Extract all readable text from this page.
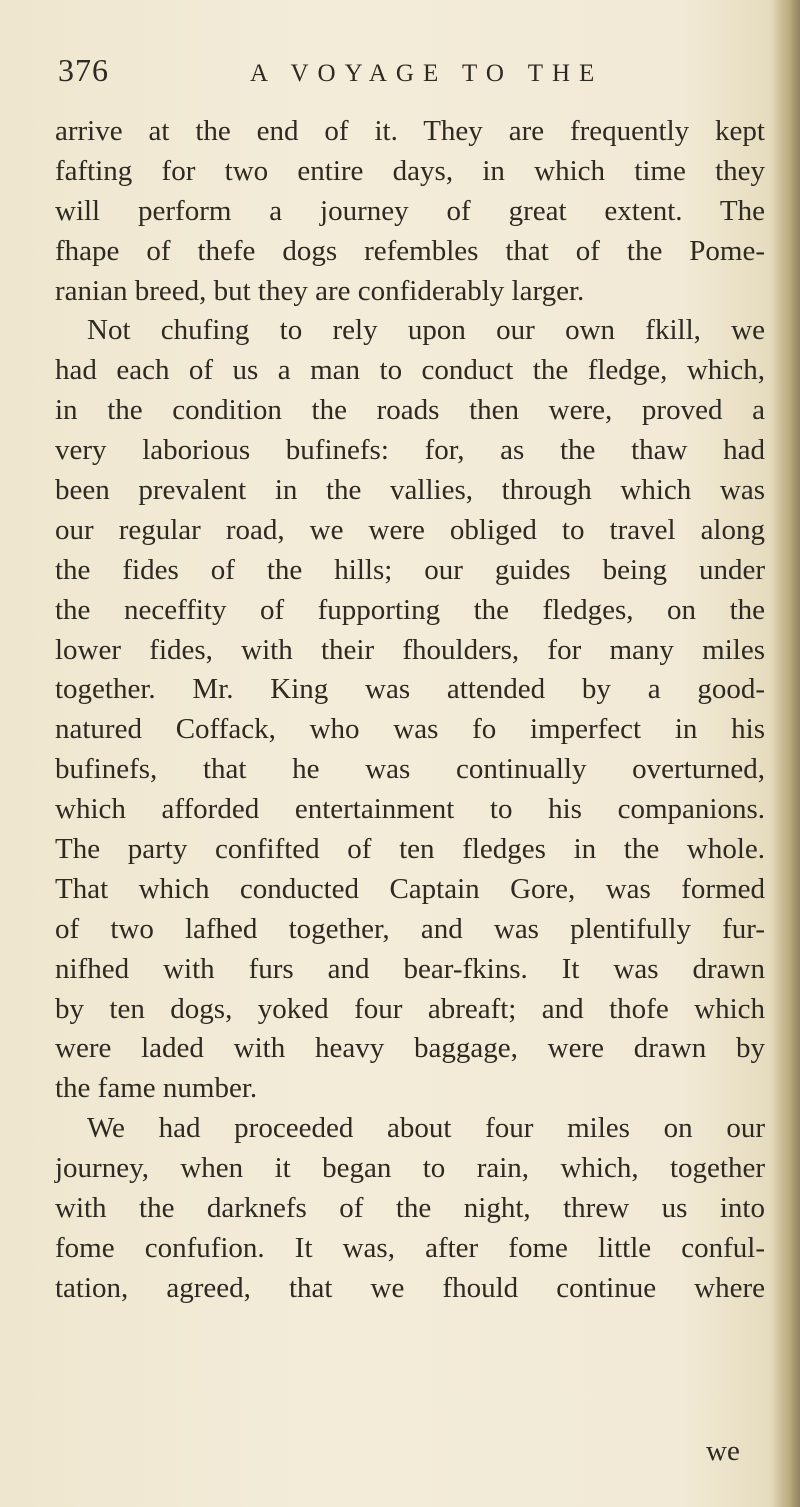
376	A VOYAGE TO THE
arrive at the end of it. They are frequently kept
fafting for two entire days, in which time they
will perform a journey of great extent. The
fhape of thefe dogs refembles that of the Pome-
ranian breed, but they are confiderably larger.
Not chufing to rely upon our own fkill, we
had each of us a man to conduct the fledge, which,
in the condition the roads then were, proved a
very laborious bufinefs: for, as the thaw had
been prevalent in the vallies, through which was
our regular road, we were obliged to travel along
the fides of the hills; our guides being under
the neceffity of fupporting the fledges, on the
lower fides, with their fhoulders, for many miles
together. Mr. King was attended by a good-
natured Coffack, who was fo imperfect in his
bufinefs, that he was continually overturned,
which afforded entertainment to his companions.
The party confifted of ten fledges in the whole.
That which conducted Captain Gore, was formed
of two lafhed together, and was plentifully fur-
nifhed with furs and bear-fkins. It was drawn
by ten dogs, yoked four abreaft; and thofe which
were laded with heavy baggage, were drawn by
the fame number.
We had proceeded about four miles on our
journey, when it began to rain, which, together
with the darknefs of the night, threw us into
fome confufion. It was, after fome little conful-
tation, agreed, that we fhould continue where
we
